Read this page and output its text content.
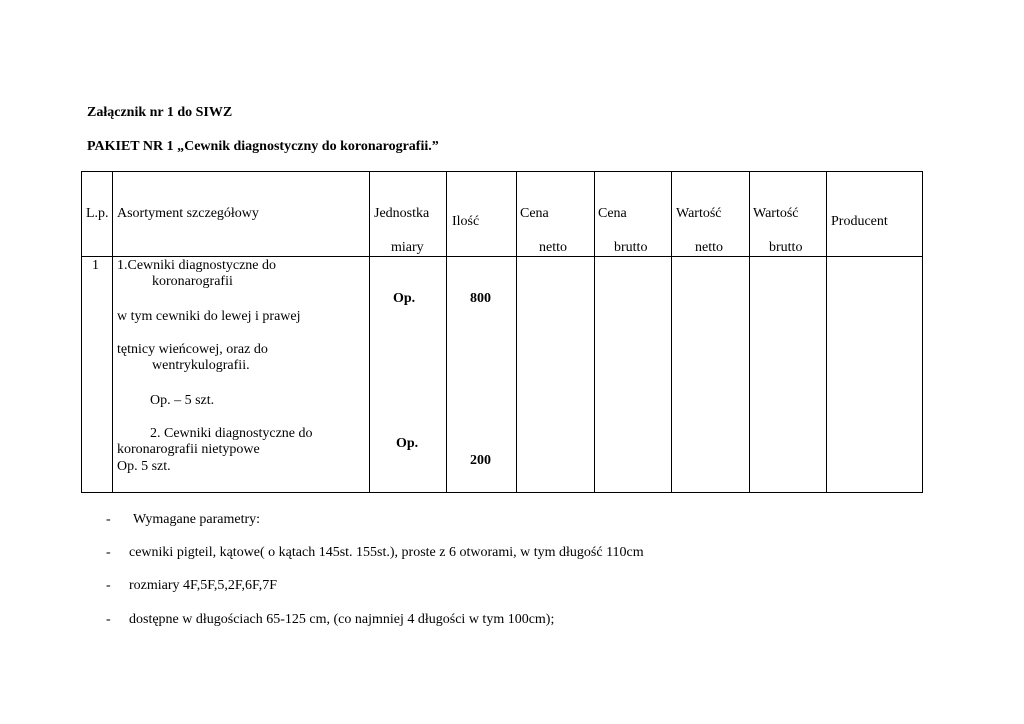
Załącznik nr 1 do SIWZ
PAKIET NR 1 „Cewnik diagnostyczny do koronarografii.”
L.p. Asortyment szczegółowy	Jednostka
miary
Ilość
Cena
netto
Cena
brutto
Wartość
netto
Wartość
brutto
Producent
1 1.Cewniki diagnostyczne do
koronarografii
w tym cewniki do lewej i prawej
tętnicy wieńcowej, oraz do
wentrykulografii.
Op. – 5 szt.
Op.	800
2. Cewniki diagnostyczne do
koronarografii nietypowe
Op. 5 szt.
Op.
200
- Wymagane parametry:
- cewniki pigteil, kątowe( o kątach 145st. 155st.), proste z 6 otworami, w tym długość 110cm
- rozmiary 4F,5F,5,2F,6F,7F
- dostępne w długościach 65-125 cm, (co najmniej 4 długości w tym 100cm);
